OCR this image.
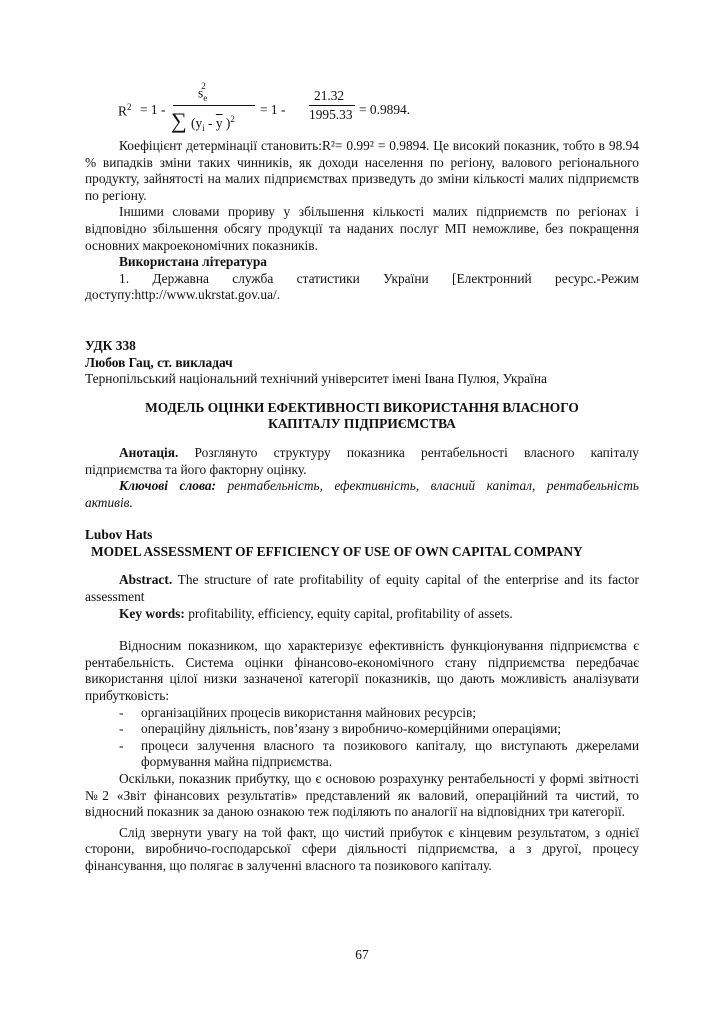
$R^2 = 1$ -
$s_e^2$
∑ ($y_i - \overline{y}$ )$^2$
= 1 -
21.32
1995.33 = 0.9894.

Коефіцієнт детермінації становить:R²= 0.99² = 0.9894. Це високий показник, тобто в 98.94 % випадків зміни таких чинників, як доходи населення по регіону, валового регіонального продукту, зайнятості на малих підприємствах призведуть до зміни кількості малих підприємств по регіону.

Іншими словами прориву у збільшення кількості малих підприємств по регіонах і відповідно збільшення обсягу продукції та наданих послуг МП неможливе, без покращення основних макроекономічних показників.

Використана література

1. Державна служба статистики України [Електронний ресурс.-Режим доступу:http://www.ukrstat.gov.ua/.

УДК 338

Любов Гац, ст. викладач

Тернопільський національний технічний університет імені Івана Пулюя, Україна

МОДЕЛЬ ОЦІНКИ ЕФЕКТИВНОСТІ ВИКОРИСТАННЯ ВЛАСНОГО
КАПІТАЛУ ПІДПРИЄМСТВА

Анотація. Розглянуто структуру показника рентабельності власного капіталу підприємства та його факторну оцінку.

Ключові слова: рентабельність, ефективність, власний капітал, рентабельність активів.

Lubov Hats

MODEL ASSESSMENT OF EFFICIENCY OF USE OF OWN CAPITAL COMPANY

Abstract. The structure of rate profitability of equity capital of the enterprise and its factor assessment

Key words: profitability, efficiency, equity capital, profitability of assets.

Відносним показником, що характеризує ефективність функціонування підприємства є рентабельність. Система оцінки фінансово-економічного стану підприємства передбачає використання цілої низки зазначеної категорії показників, що дають можливість аналізувати прибутковість:

- організаційних процесів використання майнових ресурсів;

- операційну діяльність, пов’язану з виробничо-комерційними операціями;

- процеси залучення власного та позикового капіталу, що виступають джерелами формування майна підприємства.

Оскільки, показник прибутку, що є основою розрахунку рентабельності у формі звітності №2 «Звіт фінансових результатів» представлений як валовий, операційний та чистий, то відносний показник за даною ознакою теж поділяють по аналогії на відповідних три категорії.

Слід звернути увагу на той факт, що чистий прибуток є кінцевим результатом, з однієї сторони, виробничо-господарської сфери діяльності підприємства, а з другої, процесу фінансування, що полягає в залученні власного та позикового капіталу.

67
